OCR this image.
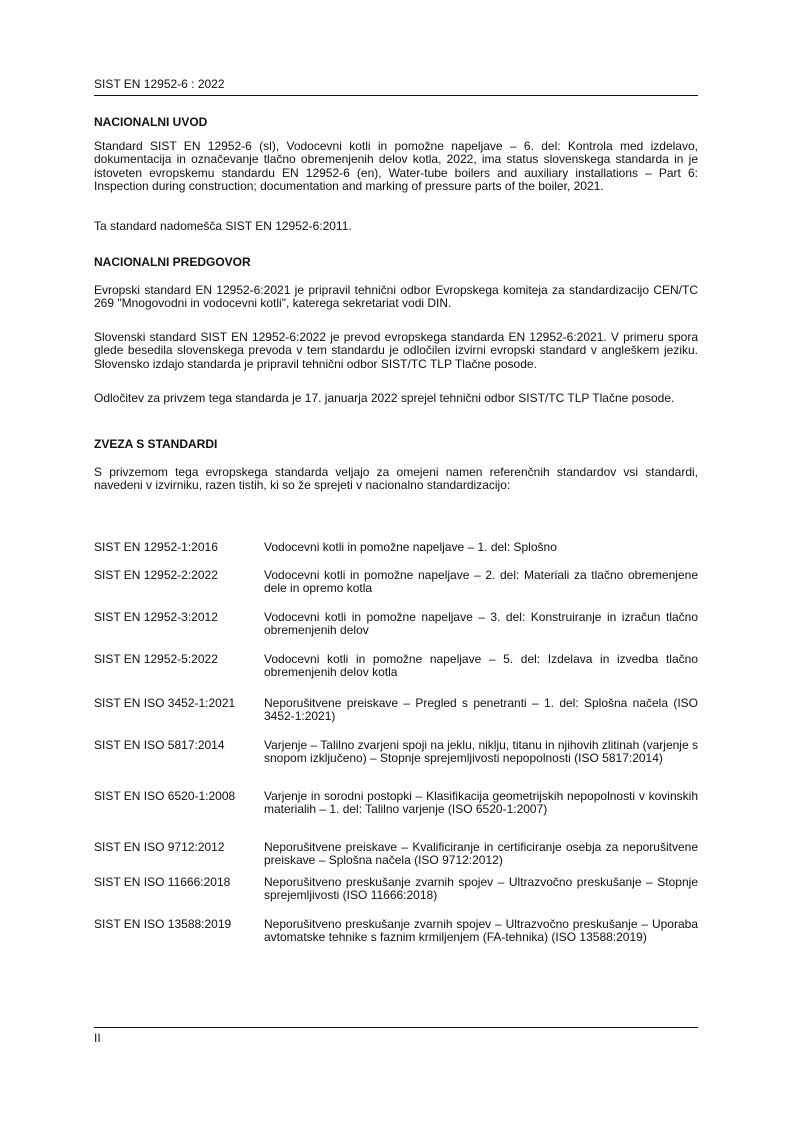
SIST EN 12952-6 : 2022
NACIONALNI UVOD

Standard SIST EN 12952-6 (sl), Vodocevni kotli in pomožne napeljave – 6. del: Kontrola med izdelavo, dokumentacija in označevanje tlačno obremenjenih delov kotla, 2022, ima status slovenskega standarda in je istoveten evropskemu standardu EN 12952-6 (en), Water-tube boilers and auxiliary installations – Part 6: Inspection during construction; documentation and marking of pressure parts of the boiler, 2021.

Ta standard nadomešča SIST EN 12952-6:2011.

NACIONALNI PREDGOVOR

Evropski standard EN 12952-6:2021 je pripravil tehnični odbor Evropskega komiteja za standardizacijo CEN/TC 269 "Mnogovodni in vodocevni kotli", katerega sekretariat vodi DIN.

Slovenski standard SIST EN 12952-6:2022 je prevod evropskega standarda EN 12952-6:2021. V primeru spora glede besedila slovenskega prevoda v tem standardu je odločilen izvirni evropski standard v angleškem jeziku. Slovensko izdajo standarda je pripravil tehnični odbor SIST/TC TLP Tlačne posode.

Odločitev za privzem tega standarda je 17. januarja 2022 sprejel tehnični odbor SIST/TC TLP Tlačne posode.

ZVEZA S STANDARDI

S privzemom tega evropskega standarda veljajo za omejeni namen referenčnih standardov vsi standardi, navedeni v izvirniku, razen tistih, ki so že sprejeti v nacionalno standardizacijo:

SIST EN 12952-1:2016	Vodocevni kotli in pomožne napeljave – 1. del: Splošno
SIST EN 12952-2:2022	Vodocevni kotli in pomožne napeljave – 2. del: Materiali za tlačno obremenjene dele in opremo kotla
SIST EN 12952-3:2012	Vodocevni kotli in pomožne napeljave – 3. del: Konstruiranje in izračun tlačno obremenjenih delov
SIST EN 12952-5:2022	Vodocevni kotli in pomožne napeljave – 5. del: Izdelava in izvedba tlačno obremenjenih delov kotla
SIST EN ISO 3452-1:2021	Neporušitvene preiskave – Pregled s penetranti – 1. del: Splošna načela (ISO 3452-1:2021)
SIST EN ISO 5817:2014	Varjenje – Talilno zvarjeni spoji na jeklu, niklju, titanu in njihovih zlitinah (varjenje s snopom izključeno) – Stopnje sprejemljivosti nepopolnosti (ISO 5817:2014)
SIST EN ISO 6520-1:2008	Varjenje in sorodni postopki – Klasifikacija geometrijskih nepopolnosti v kovinskih materialih – 1. del: Talilno varjenje (ISO 6520-1:2007)
SIST EN ISO 9712:2012	Neporušitvene preiskave – Kvalificiranje in certificiranje osebja za neporušitvene preiskave – Splošna načela (ISO 9712:2012)
SIST EN ISO 11666:2018	Neporušitveno preskušanje zvarnih spojev – Ultrazvočno preskušanje – Stopnje sprejemljivosti (ISO 11666:2018)
SIST EN ISO 13588:2019	Neporušitveno preskušanje zvarnih spojev – Ultrazvočno preskušanje – Uporaba avtomatske tehnike s faznim krmiljenjem (FA-tehnika) (ISO 13588:2019)
II
